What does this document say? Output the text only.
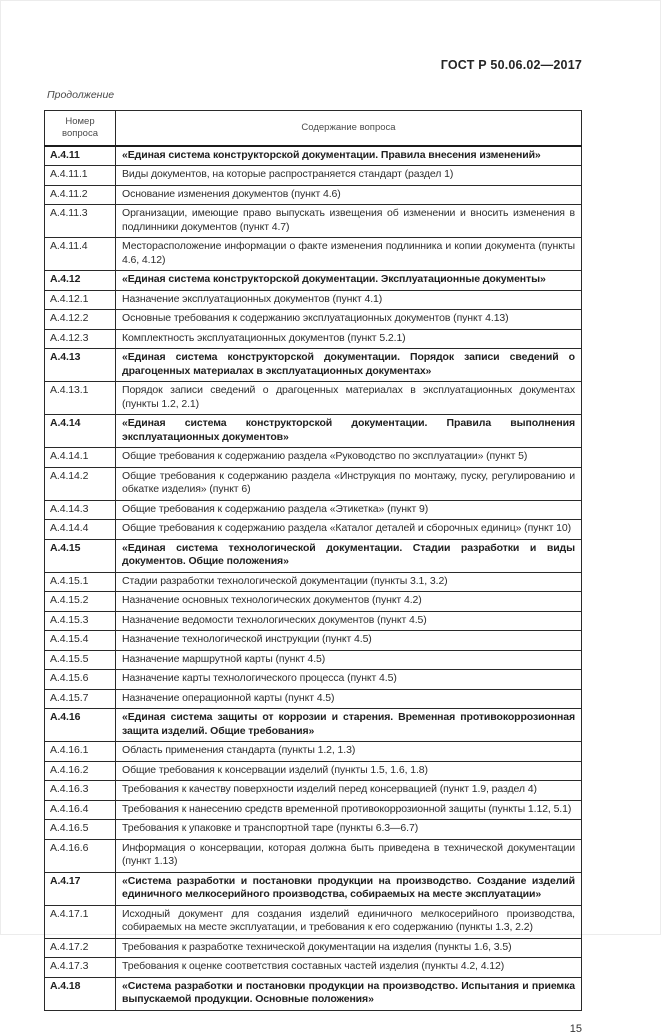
ГОСТ Р 50.06.02—2017
Продолжение
Номер вопроса	Содержание вопроса
А.4.11	«Единая система конструкторской документации. Правила внесения изменений»
А.4.11.1	Виды документов, на которые распространяется стандарт (раздел 1)
А.4.11.2	Основание изменения документов (пункт 4.6)
А.4.11.3	Организации, имеющие право выпускать извещения об изменении и вносить изменения в подлинники документов (пункт 4.7)
А.4.11.4	Месторасположение информации о факте изменения подлинника и копии документа (пункты 4.6, 4.12)
А.4.12	«Единая система конструкторской документации. Эксплуатационные документы»
А.4.12.1	Назначение эксплуатационных документов (пункт 4.1)
А.4.12.2	Основные требования к содержанию эксплуатационных документов (пункт 4.13)
А.4.12.3	Комплектность эксплуатационных документов (пункт 5.2.1)
А.4.13	«Единая система конструкторской документации. Порядок записи сведений о драгоценных материалах в эксплуатационных документах»
А.4.13.1	Порядок записи сведений о драгоценных материалах в эксплуатационных документах (пункты 1.2, 2.1)
А.4.14	«Единая система конструкторской документации. Правила выполнения эксплуатационных документов»
А.4.14.1	Общие требования к содержанию раздела «Руководство по эксплуатации» (пункт 5)
А.4.14.2	Общие требования к содержанию раздела «Инструкция по монтажу, пуску, регулированию и обкатке изделия» (пункт 6)
А.4.14.3	Общие требования к содержанию раздела «Этикетка» (пункт 9)
А.4.14.4	Общие требования к содержанию раздела «Каталог деталей и сборочных единиц» (пункт 10)
А.4.15	«Единая система технологической документации. Стадии разработки и виды документов. Общие положения»
А.4.15.1	Стадии разработки технологической документации (пункты 3.1, 3.2)
А.4.15.2	Назначение основных технологических документов (пункт 4.2)
А.4.15.3	Назначение ведомости технологических документов (пункт 4.5)
А.4.15.4	Назначение технологической инструкции (пункт 4.5)
А.4.15.5	Назначение маршрутной карты (пункт 4.5)
А.4.15.6	Назначение карты технологического процесса (пункт 4.5)
А.4.15.7	Назначение операционной карты (пункт 4.5)
А.4.16	«Единая система защиты от коррозии и старения. Временная противокоррозионная защита изделий. Общие требования»
А.4.16.1	Область применения стандарта (пункты 1.2, 1.3)
А.4.16.2	Общие требования к консервации изделий (пункты 1.5, 1.6, 1.8)
А.4.16.3	Требования к качеству поверхности изделий перед консервацией (пункт 1.9, раздел 4)
А.4.16.4	Требования к нанесению средств временной противокоррозионной защиты (пункты 1.12, 5.1)
А.4.16.5	Требования к упаковке и транспортной таре (пункты 6.3—6.7)
А.4.16.6	Информация о консервации, которая должна быть приведена в технической документации (пункт 1.13)
А.4.17	«Система разработки и постановки продукции на производство. Создание изделий единичного мелкосерийного производства, собираемых на месте эксплуатации»
А.4.17.1	Исходный документ для создания изделий единичного мелкосерийного производства, собираемых на месте эксплуатации, и требования к его содержанию (пункты 1.3, 2.2)
А.4.17.2	Требования к разработке технической документации на изделия (пункты 1.6, 3.5)
А.4.17.3	Требования к оценке соответствия составных частей изделия (пункты 4.2, 4.12)
А.4.18	«Система разработки и постановки продукции на производство. Испытания и приемка выпускаемой продукции. Основные положения»
15
